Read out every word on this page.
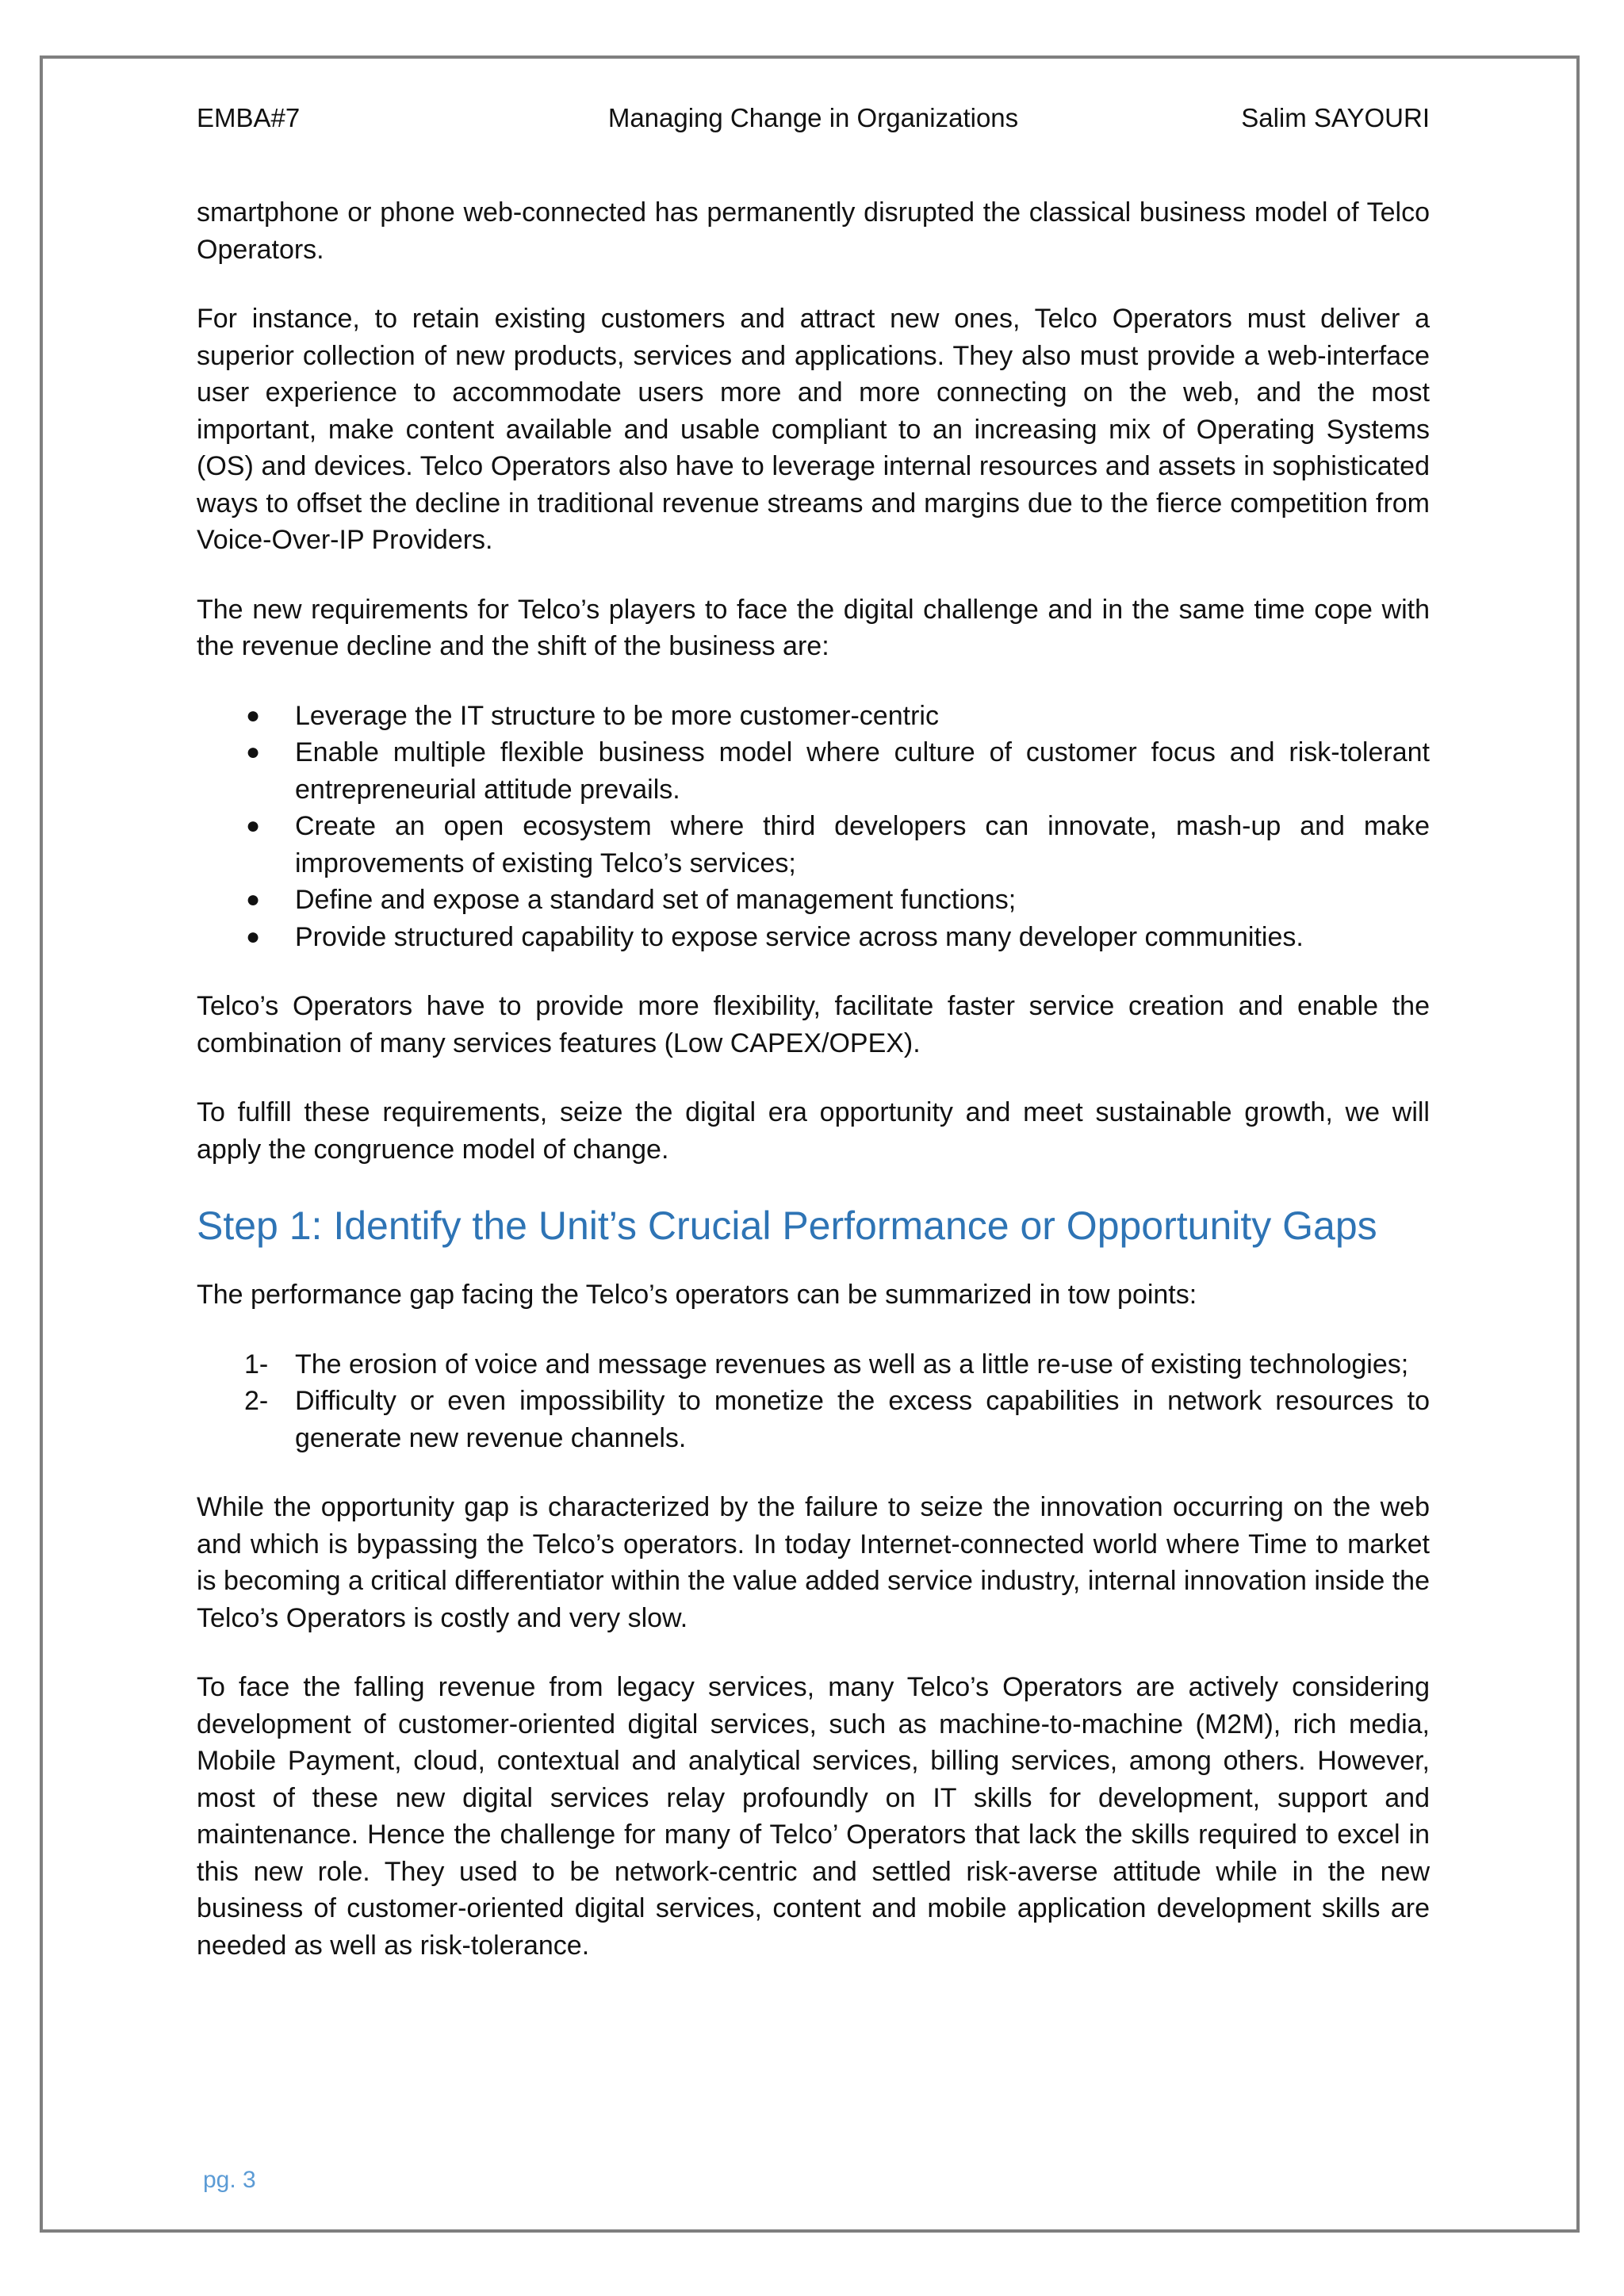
Managing Change in Organizations
EMBA#7	Salim SAYOURI

smartphone or phone web-connected has permanently disrupted the classical business model of Telco Operators.

For instance, to retain existing customers and attract new ones, Telco Operators must deliver a superior collection of new products, services and applications. They also must provide a web-interface user experience to accommodate users more and more connecting on the web, and the most important, make content available and usable compliant to an increasing mix of Operating Systems (OS) and devices. Telco Operators also have to leverage internal resources and assets in sophisticated ways to offset the decline in traditional revenue streams and margins due to the fierce competition from Voice-Over-IP Providers.

The new requirements for Telco’s players to face the digital challenge and in the same time cope with the revenue decline and the shift of the business are:

● Leverage the IT structure to be more customer-centric
● Enable multiple flexible business model where culture of customer focus and risk-tolerant entrepreneurial attitude prevails.
● Create an open ecosystem where third developers can innovate, mash-up and make improvements of existing Telco’s services;
● Define and expose a standard set of management functions;
● Provide structured capability to expose service across many developer communities.

Telco’s Operators have to provide more flexibility, facilitate faster service creation and enable the combination of many services features (Low CAPEX/OPEX).

To fulfill these requirements, seize the digital era opportunity and meet sustainable growth, we will apply the congruence model of change.

Step 1: Identify the Unit’s Crucial Performance or Opportunity Gaps

The performance gap facing the Telco’s operators can be summarized in tow points:

1- The erosion of voice and message revenues as well as a little re-use of existing technologies;
2- Difficulty or even impossibility to monetize the excess capabilities in network resources to generate new revenue channels.

While the opportunity gap is characterized by the failure to seize the innovation occurring on the web and which is bypassing the Telco’s operators. In today Internet-connected world where Time to market is becoming a critical differentiator within the value added service industry, internal innovation inside the Telco’s Operators is costly and very slow.

To face the falling revenue from legacy services, many Telco’s Operators are actively considering development of customer-oriented digital services, such as machine-to-machine (M2M), rich media, Mobile Payment, cloud, contextual and analytical services, billing services, among others. However, most of these new digital services relay profoundly on IT skills for development, support and maintenance. Hence the challenge for many of Telco’ Operators that lack the skills required to excel in this new role. They used to be network-centric and settled risk-averse attitude while in the new business of customer-oriented digital services, content and mobile application development skills are needed as well as risk-tolerance.

pg. 3
